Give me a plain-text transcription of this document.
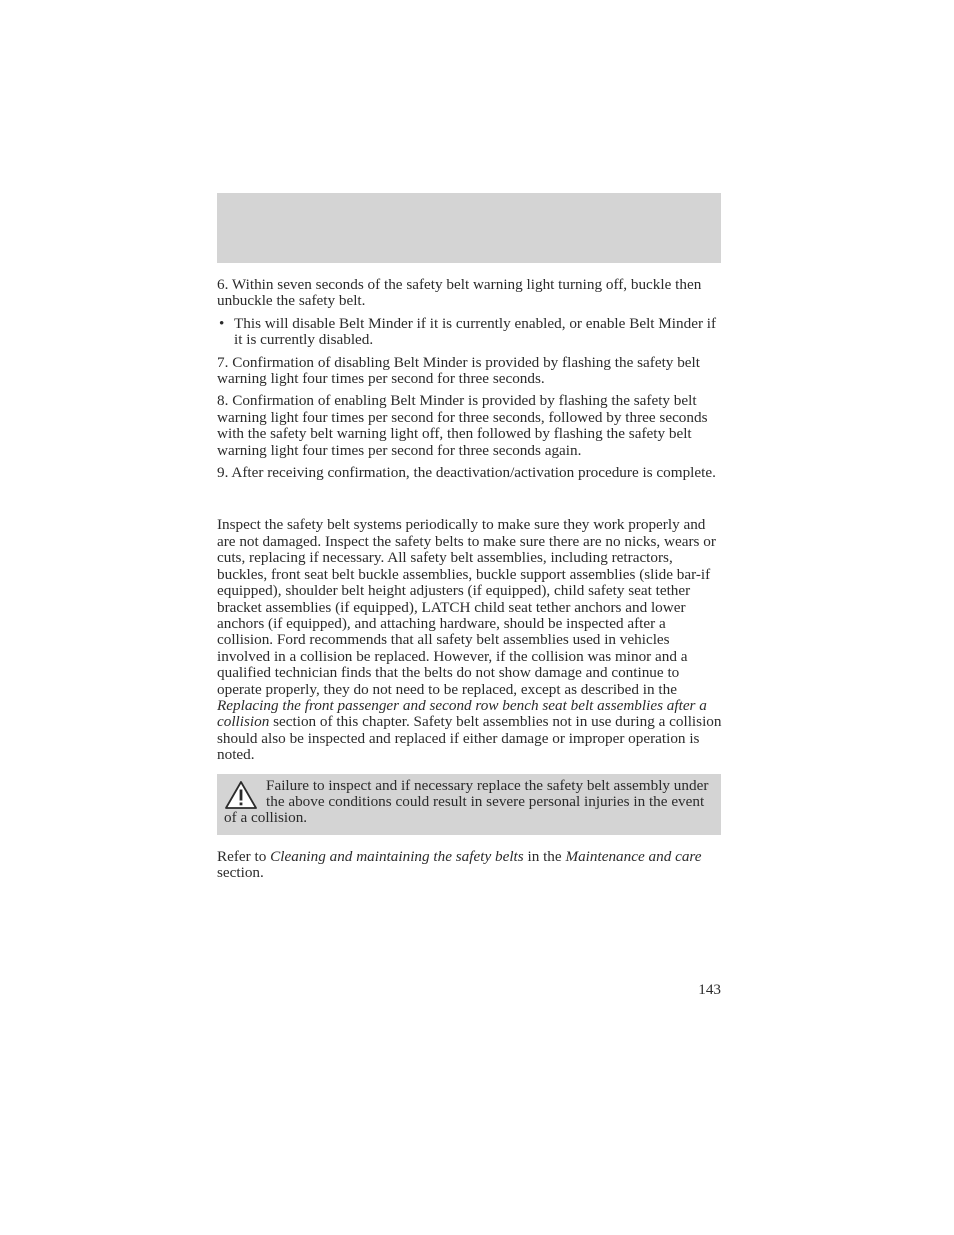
6. Within seven seconds of the safety belt warning light turning off, buckle then unbuckle the safety belt.

• This will disable Belt Minder if it is currently enabled, or enable Belt Minder if it is currently disabled.

7. Confirmation of disabling Belt Minder is provided by flashing the safety belt warning light four times per second for three seconds.

8. Confirmation of enabling Belt Minder is provided by flashing the safety belt warning light four times per second for three seconds, followed by three seconds with the safety belt warning light off, then followed by flashing the safety belt warning light four times per second for three seconds again.

9. After receiving confirmation, the deactivation/activation procedure is complete.

Inspect the safety belt systems periodically to make sure they work properly and are not damaged. Inspect the safety belts to make sure there are no nicks, wears or cuts, replacing if necessary. All safety belt assemblies, including retractors, buckles, front seat belt buckle assemblies, buckle support assemblies (slide bar-if equipped), shoulder belt height adjusters (if equipped), child safety seat tether bracket assemblies (if equipped), LATCH child seat tether anchors and lower anchors (if equipped), and attaching hardware, should be inspected after a collision. Ford recommends that all safety belt assemblies used in vehicles involved in a collision be replaced. However, if the collision was minor and a qualified technician finds that the belts do not show damage and continue to operate properly, they do not need to be replaced, except as described in the Replacing the front passenger and second row bench seat belt assemblies after a collision section of this chapter. Safety belt assemblies not in use during a collision should also be inspected and replaced if either damage or improper operation is noted.

Failure to inspect and if necessary replace the safety belt assembly under the above conditions could result in severe personal injuries in the event of a collision.

Refer to Cleaning and maintaining the safety belts in the Maintenance and care section.

143
